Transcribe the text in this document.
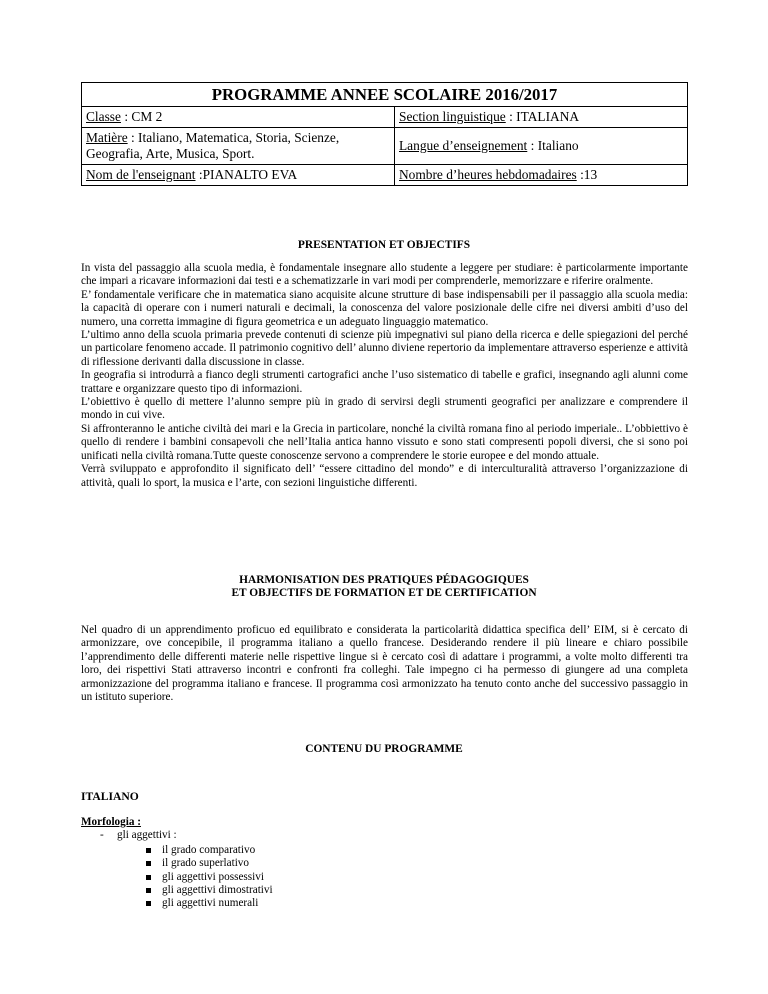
PROGRAMME ANNEE SCOLAIRE 2016/2017	
Classe : CM 2	Section linguistique : ITALIANA
Matière : Italiano, Matematica, Storia, Scienze, Geografia, Arte, Musica, Sport.	Langue d’enseignement : Italiano
Nom de l'enseignant :PIANALTO EVA	Nombre d’heures hebdomadaires :13
PRESENTATION ET OBJECTIFS
In vista del passaggio alla scuola media, è fondamentale insegnare allo studente a leggere per studiare: è particolarmente importante che impari a ricavare informazioni dai testi e a schematizzarle in vari modi per comprenderle, memorizzare e riferire oralmente.
E’ fondamentale verificare che in matematica siano acquisite alcune strutture di base indispensabili per il passaggio alla scuola media: la capacità di operare con i numeri naturali e decimali, la conoscenza del valore posizionale delle cifre nei diversi ambiti d’uso del numero, una corretta immagine di figura geometrica e un adeguato linguaggio matematico.
L’ultimo anno della scuola primaria prevede contenuti di scienze più impegnativi sul piano della ricerca e delle spiegazioni del perché un particolare fenomeno accade. Il patrimonio cognitivo dell’ alunno diviene repertorio da implementare attraverso esperienze e attività di riflessione derivanti dalla discussione in classe.
In geografia si introdurrà a fianco degli strumenti cartografici anche l’uso sistematico di tabelle e grafici, insegnando agli alunni come trattare e organizzare questo tipo di informazioni.
L’obiettivo è quello di mettere l’alunno sempre più in grado di servirsi degli strumenti geografici per analizzare e comprendere il mondo in cui vive.
Si affronteranno le antiche civiltà dei mari e la Grecia in particolare, nonché la civiltà romana fino al periodo imperiale.. L’obbiettivo è quello di rendere i bambini consapevoli che nell’Italia antica hanno vissuto e sono stati compresenti popoli diversi, che si sono poi unificati nella civiltà romana.Tutte queste conoscenze servono a comprendere le storie europee e del mondo attuale.
Verrà sviluppato e approfondito il significato dell’ “essere cittadino del mondo” e di interculturalità attraverso l’organizzazione di attività, quali lo sport, la musica e l’arte, con sezioni linguistiche differenti.
HARMONISATION DES PRATIQUES PÉDAGOGIQUES
ET OBJECTIFS DE FORMATION ET DE CERTIFICATION
Nel quadro di un apprendimento proficuo ed equilibrato e considerata la particolarità didattica specifica dell’ EIM, si è cercato di armonizzare, ove concepibile, il programma italiano a quello francese. Desiderando rendere il più lineare e chiaro possibile l’apprendimento delle differenti materie nelle rispettive lingue si è cercato così di adattare i programmi, a volte molto differenti tra loro, dei rispettivi Stati attraverso incontri e confronti fra colleghi. Tale impegno ci ha permesso di giungere ad una completa armonizzazione del programma italiano e francese. Il programma così armonizzato ha tenuto conto anche del successivo passaggio in un istituto superiore.
CONTENU DU PROGRAMME
ITALIANO
Morfologia :
- gli aggettivi :
il grado comparativo
il grado superlativo
gli aggettivi possessivi
gli aggettivi dimostrativi
gli aggettivi numerali
